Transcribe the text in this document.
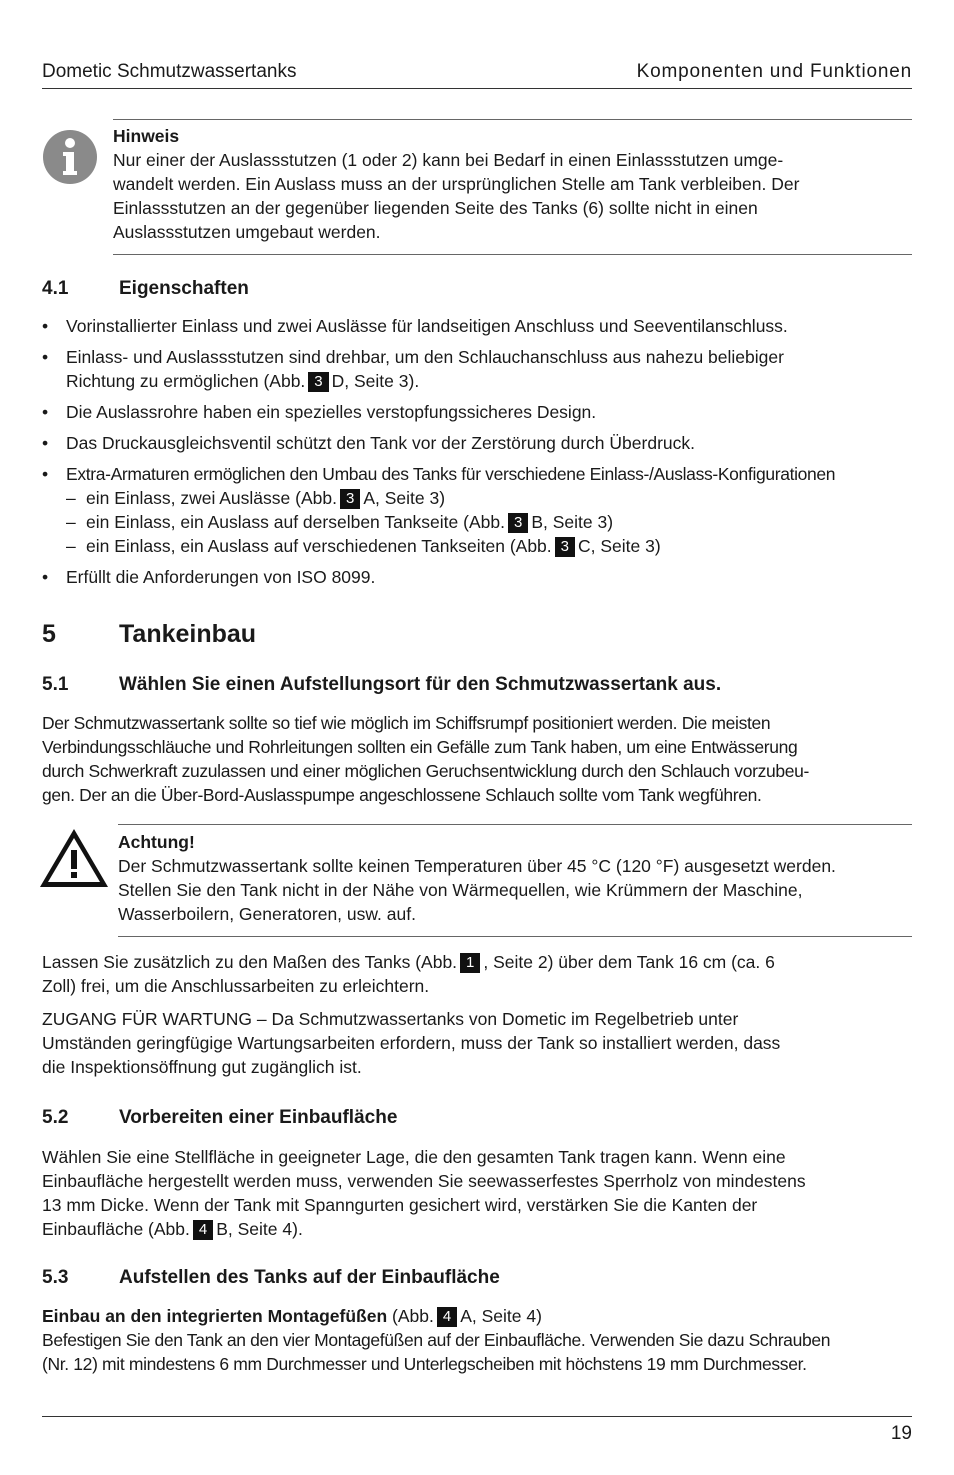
Dometic Schmutzwassertanks	Komponenten und Funktionen
Hinweis
Nur einer der Auslassstutzen (1 oder 2) kann bei Bedarf in einen Einlassstutzen umge-
wandelt werden. Ein Auslass muss an der ursprünglichen Stelle am Tank verbleiben. Der
Einlassstutzen an der gegenüber liegenden Seite des Tanks (6) sollte nicht in einen
Auslassstutzen umgebaut werden.
4.1	Eigenschaften
• Vorinstallierter Einlass und zwei Auslässe für landseitigen Anschluss und Seeventilanschluss.
• Einlass- und Auslassstutzen sind drehbar, um den Schlauchanschluss aus nahezu beliebiger
Richtung zu ermöglichen (Abb. 3 D, Seite 3).
• Die Auslassrohre haben ein spezielles verstopfungssicheres Design.
• Das Druckausgleichsventil schützt den Tank vor der Zerstörung durch Überdruck.
• Extra-Armaturen ermöglichen den Umbau des Tanks für verschiedene Einlass-/Auslass-Konfigurationen
– ein Einlass, zwei Auslässe (Abb. 3 A, Seite 3)
– ein Einlass, ein Auslass auf derselben Tankseite (Abb. 3 B, Seite 3)
– ein Einlass, ein Auslass auf verschiedenen Tankseiten (Abb. 3 C, Seite 3)
• Erfüllt die Anforderungen von ISO 8099.
5	Tankeinbau
5.1	Wählen Sie einen Aufstellungsort für den Schmutzwassertank aus.
Der Schmutzwassertank sollte so tief wie möglich im Schiffsrumpf positioniert werden. Die meisten
Verbindungsschläuche und Rohrleitungen sollten ein Gefälle zum Tank haben, um eine Entwässerung
durch Schwerkraft zuzulassen und einer möglichen Geruchsentwicklung durch den Schlauch vorzubeu-
gen. Der an die Über-Bord-Auslasspumpe angeschlossene Schlauch sollte vom Tank wegführen.
Achtung!
Der Schmutzwassertank sollte keinen Temperaturen über 45 °C (120 °F) ausgesetzt werden.
Stellen Sie den Tank nicht in der Nähe von Wärmequellen, wie Krümmern der Maschine,
Wasserboilern, Generatoren, usw. auf.
Lassen Sie zusätzlich zu den Maßen des Tanks (Abb. 1 , Seite 2) über dem Tank 16 cm (ca. 6
Zoll) frei, um die Anschlussarbeiten zu erleichtern.
ZUGANG FÜR WARTUNG – Da Schmutzwassertanks von Dometic im Regelbetrieb unter
Umständen geringfügige Wartungsarbeiten erfordern, muss der Tank so installiert werden, dass
die Inspektionsöffnung gut zugänglich ist.
5.2	Vorbereiten einer Einbaufläche
Wählen Sie eine Stellfläche in geeigneter Lage, die den gesamten Tank tragen kann. Wenn eine
Einbaufläche hergestellt werden muss, verwenden Sie seewasserfestes Sperrholz von mindestens
13 mm Dicke. Wenn der Tank mit Spanngurten gesichert wird, verstärken Sie die Kanten der
Einbaufläche (Abb. 4 B, Seite 4).
5.3	Aufstellen des Tanks auf der Einbaufläche
Einbau an den integrierten Montagefüßen (Abb. 4 A, Seite 4)
Befestigen Sie den Tank an den vier Montagefüßen auf der Einbaufläche. Verwenden Sie dazu Schrauben
(Nr. 12) mit mindestens 6 mm Durchmesser und Unterlegscheiben mit höchstens 19 mm Durchmesser.
19
